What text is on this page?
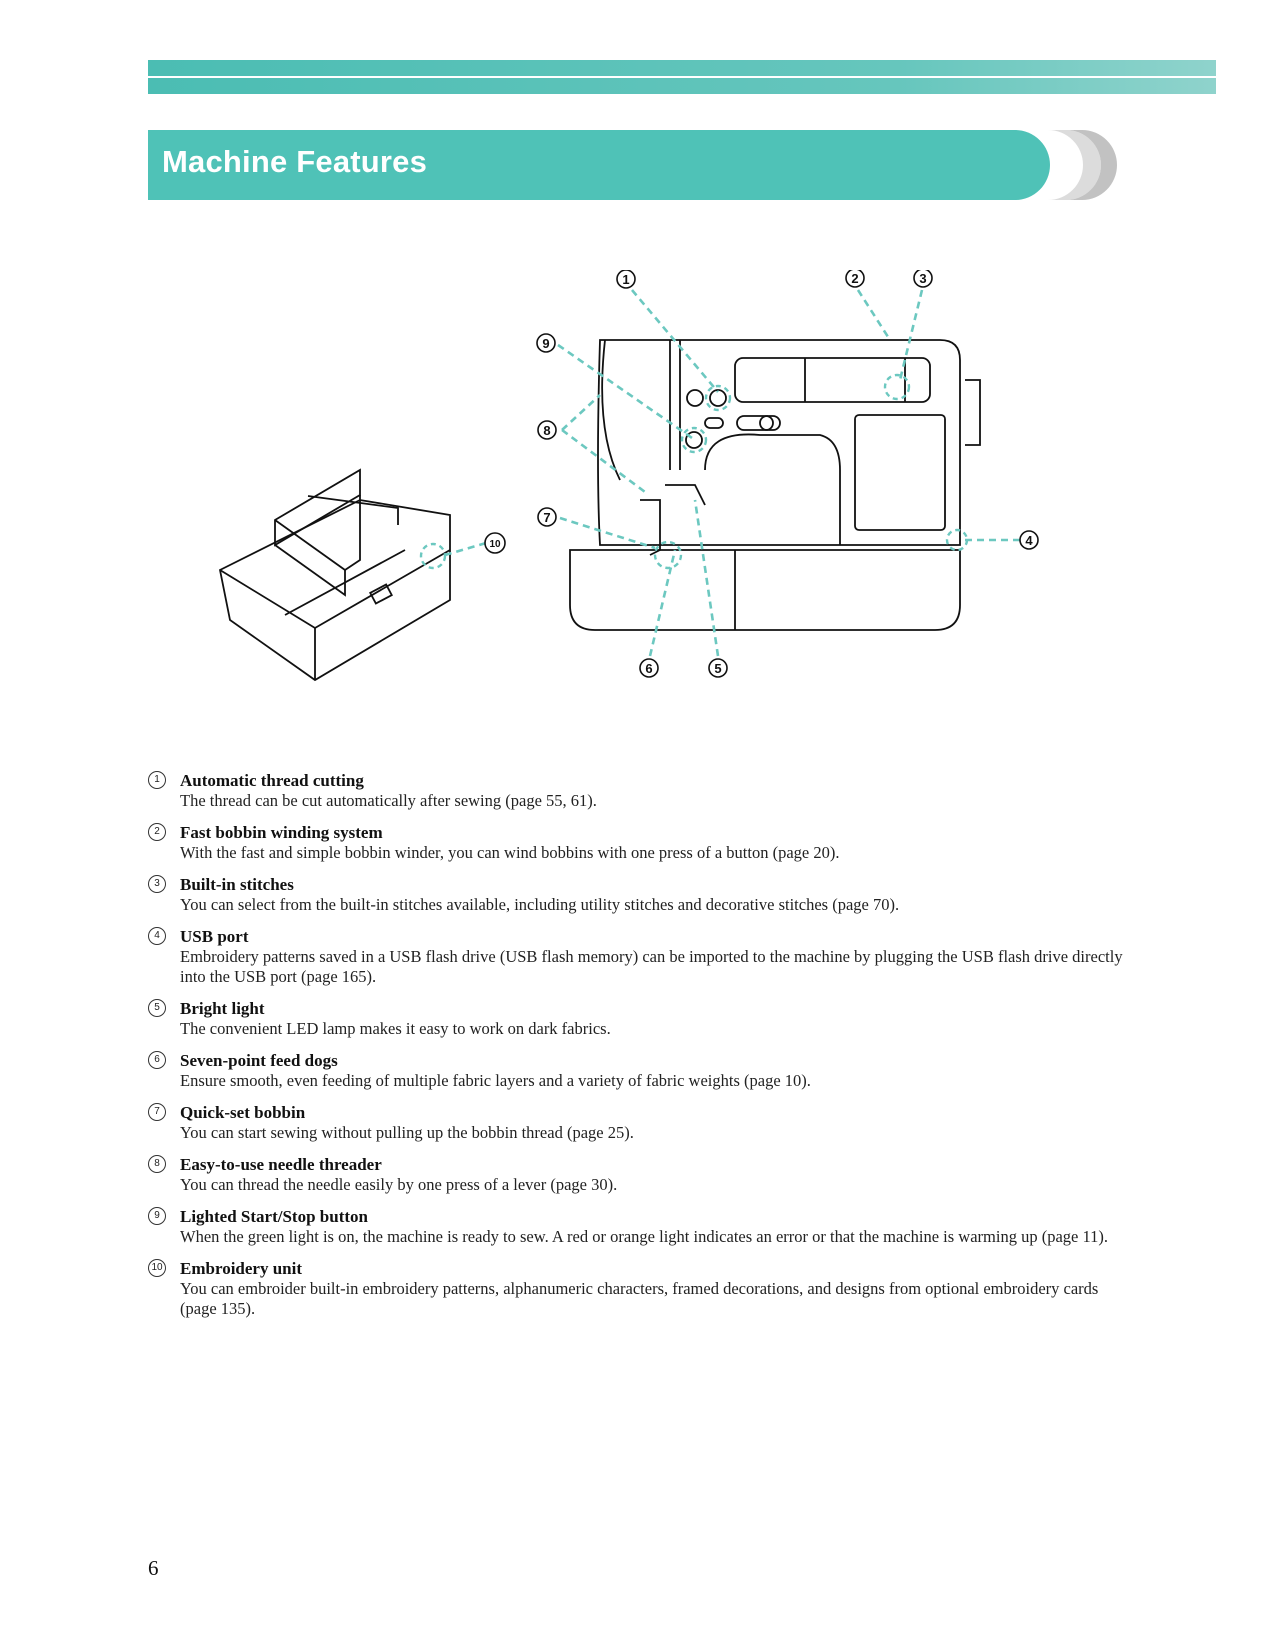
Machine Features
1	2	3
4
5
6
7
8
9
10
1	Automatic thread cutting
The thread can be cut automatically after sewing (page 55, 61).
2	Fast bobbin winding system
With the fast and simple bobbin winder, you can wind bobbins with one press of a button (page 20).
3	Built-in stitches
You can select from the built-in stitches available, including utility stitches and decorative stitches (page 70).
4	USB port
Embroidery patterns saved in a USB flash drive (USB flash memory) can be imported to the machine by plugging the USB flash drive directly into the USB port (page 165).
5	Bright light
The convenient LED lamp makes it easy to work on dark fabrics.
6	Seven-point feed dogs
Ensure smooth, even feeding of multiple fabric layers and a variety of fabric weights (page 10).
7	Quick-set bobbin
You can start sewing without pulling up the bobbin thread (page 25).
8	Easy-to-use needle threader
You can thread the needle easily by one press of a lever (page 30).
9	Lighted Start/Stop button
When the green light is on, the machine is ready to sew. A red or orange light indicates an error or that the machine is warming up (page 11).
10 Embroidery unit
You can embroider built-in embroidery patterns, alphanumeric characters, framed decorations, and designs from optional embroidery cards (page 135).
6
